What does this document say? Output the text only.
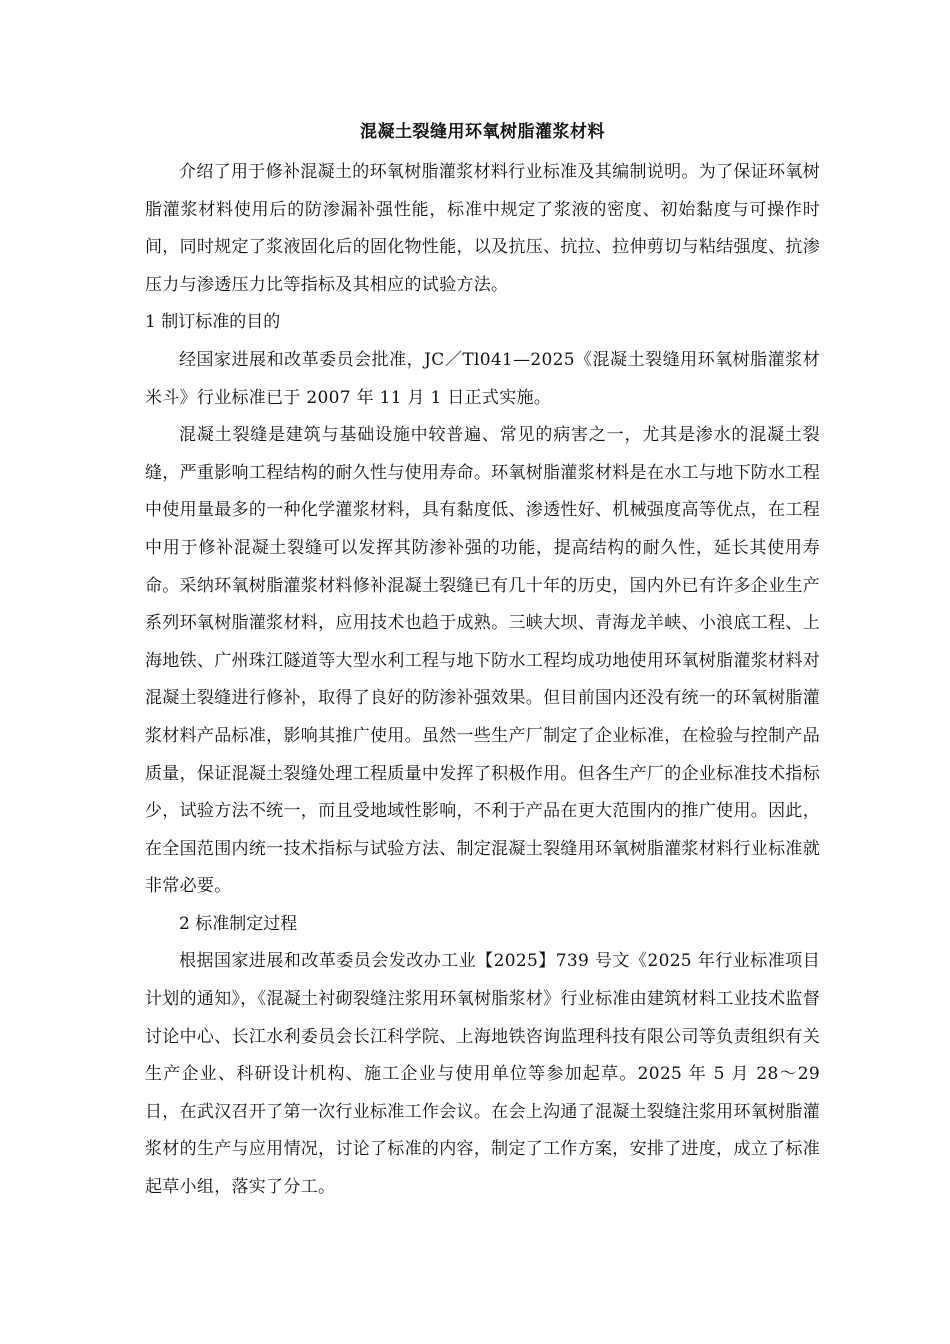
混凝土裂缝用环氧树脂灌浆材料

介绍了用于修补混凝土的环氧树脂灌浆材料行业标准及其编制说明。为了保证环氧树脂灌浆材料使用后的防渗漏补强性能，标准中规定了浆液的密度、初始黏度与可操作时间，同时规定了浆液固化后的固化物性能，以及抗压、抗拉、拉伸剪切与粘结强度、抗渗压力与渗透压力比等指标及其相应的试验方法。

1 制订标准的目的

经国家进展和改革委员会批准，JC／Tl041—2025《混凝土裂缝用环氧树脂灌浆材米斗》行业标准已于 2007 年 11 月 1 日正式实施。

混凝土裂缝是建筑与基础设施中较普遍、常见的病害之一，尤其是渗水的混凝土裂缝，严重影响工程结构的耐久性与使用寿命。环氧树脂灌浆材料是在水工与地下防水工程中使用量最多的一种化学灌浆材料，具有黏度低、渗透性好、机械强度高等优点，在工程中用于修补混凝土裂缝可以发挥其防渗补强的功能，提高结构的耐久性，延长其使用寿命。采纳环氧树脂灌浆材料修补混凝土裂缝已有几十年的历史，国内外已有许多企业生产系列环氧树脂灌浆材料，应用技术也趋于成熟。三峡大坝、青海龙羊峡、小浪底工程、上海地铁、广州珠江隧道等大型水利工程与地下防水工程均成功地使用环氧树脂灌浆材料对混凝土裂缝进行修补，取得了良好的防渗补强效果。但目前国内还没有统一的环氧树脂灌浆材料产品标准，影响其推广使用。虽然一些生产厂制定了企业标准，在检验与控制产品质量，保证混凝土裂缝处理工程质量中发挥了积极作用。但各生产厂的企业标准技术指标少，试验方法不统一，而且受地域性影响，不利于产品在更大范围内的推广使用。因此，在全国范围内统一技术指标与试验方法、制定混凝土裂缝用环氧树脂灌浆材料行业标准就非常必要。

2 标准制定过程

根据国家进展和改革委员会发改办工业【2025】739 号文《2025 年行业标准项目计划的通知》，《混凝土衬砌裂缝注浆用环氧树脂浆材》行业标准由建筑材料工业技术监督讨论中心、长江水利委员会长江科学院、上海地铁咨询监理科技有限公司等负责组织有关生产企业、科研设计机构、施工企业与使用单位等参加起草。2025 年 5 月 28～29 日，在武汉召开了第一次行业标准工作会议。在会上沟通了混凝土裂缝注浆用环氧树脂灌浆材的生产与应用情况，讨论了标准的内容，制定了工作方案，安排了进度，成立了标准起草小组，落实了分工。
